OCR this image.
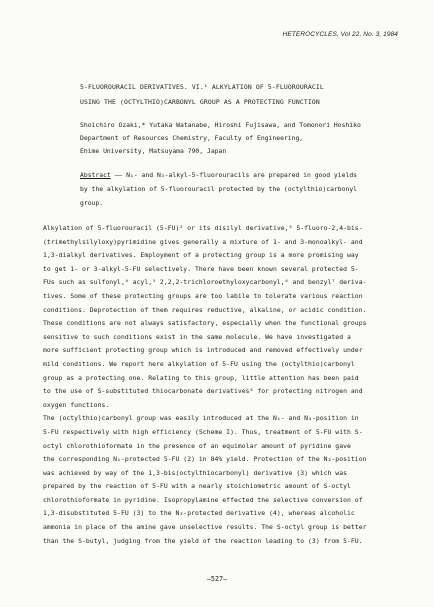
HETEROCYCLES, Vol 22, No. 3, 1984
5-FLUOROURACIL DERIVATIVES. VI.¹ ALKYLATION OF 5-FLUOROURACIL
USING THE (OCTYLTHIO)CARBONYL GROUP AS A PROTECTING FUNCTION
Shoichiro Ozaki,* Yutaka Watanabe, Hiroshi Fujisawa, and Tomonori Hoshiko
Department of Resources Chemistry, Faculty of Engineering,
Ehime University, Matsuyama 790, Japan
Abstract —— N₁- and N₃-alkyl-5-fluorouracils are prepared in good yields
by the alkylation of 5-fluorouracil protected by the (octylthio)carbonyl
group.

Alkylation of 5-fluorouracil (5-FU)² or its disilyl derivative,³ 5-fluoro-2,4-bis-
(trimethylsilyloxy)pyrimidine gives generally a mixture of 1- and 3-monoalkyl- and
1,3-dialkyl derivatives. Employment of a protecting group is a more promising way
to get 1- or 3-alkyl-5-FU selectively. There have been known several protected 5-
FUs such as sulfonyl,⁴ acyl,⁵ 2,2,2-trichloroethyloxycarbonyl,⁶ and benzyl⁷ deriva-
tives. Some of these protecting groups are too labile to tolerate various reaction
conditions. Deprotection of them requires reductive, alkaline, or acidic condition.
These conditions are not always satisfactory, especially when the functional groups
sensitive to such conditions exist in the same molecule. We have investigated a
more sufficient protecting group which is introduced and removed effectively under
mild conditions. We report here alkylation of 5-FU using the (octylthio)carbonyl
group as a protecting one. Relating to this group, little attention has been paid
to the use of S-substituted thiocarbonate derivatives⁸ for protecting nitrogen and
oxygen functions.

The (octylthio)carbonyl group was easily introduced at the N₁- and N₃-position in
5-FU respectively with high efficiency (Scheme I). Thus, treatment of 5-FU with S-
octyl chlorothioformate in the presence of an equimolar amount of pyridine gave
the corresponding N₁-protected 5-FU (2) in 84% yield. Protection of the N₃-position
was achieved by way of the 1,3-bis(octylthiocarbonyl) derivative (3) which was
prepared by the reaction of 5-FU with a nearly stoichiometric amount of S-octyl
chlorothioformate in pyridine. Isopropylamine effected the selective conversion of
1,3-disubstituted 5-FU (3) to the N₃-protected derivative (4), whereas alcoholic
ammonia in place of the amine gave unselective results. The S-octyl group is better
than the S-butyl, judging from the yield of the reaction leading to (3) from 5-FU.

—527—
